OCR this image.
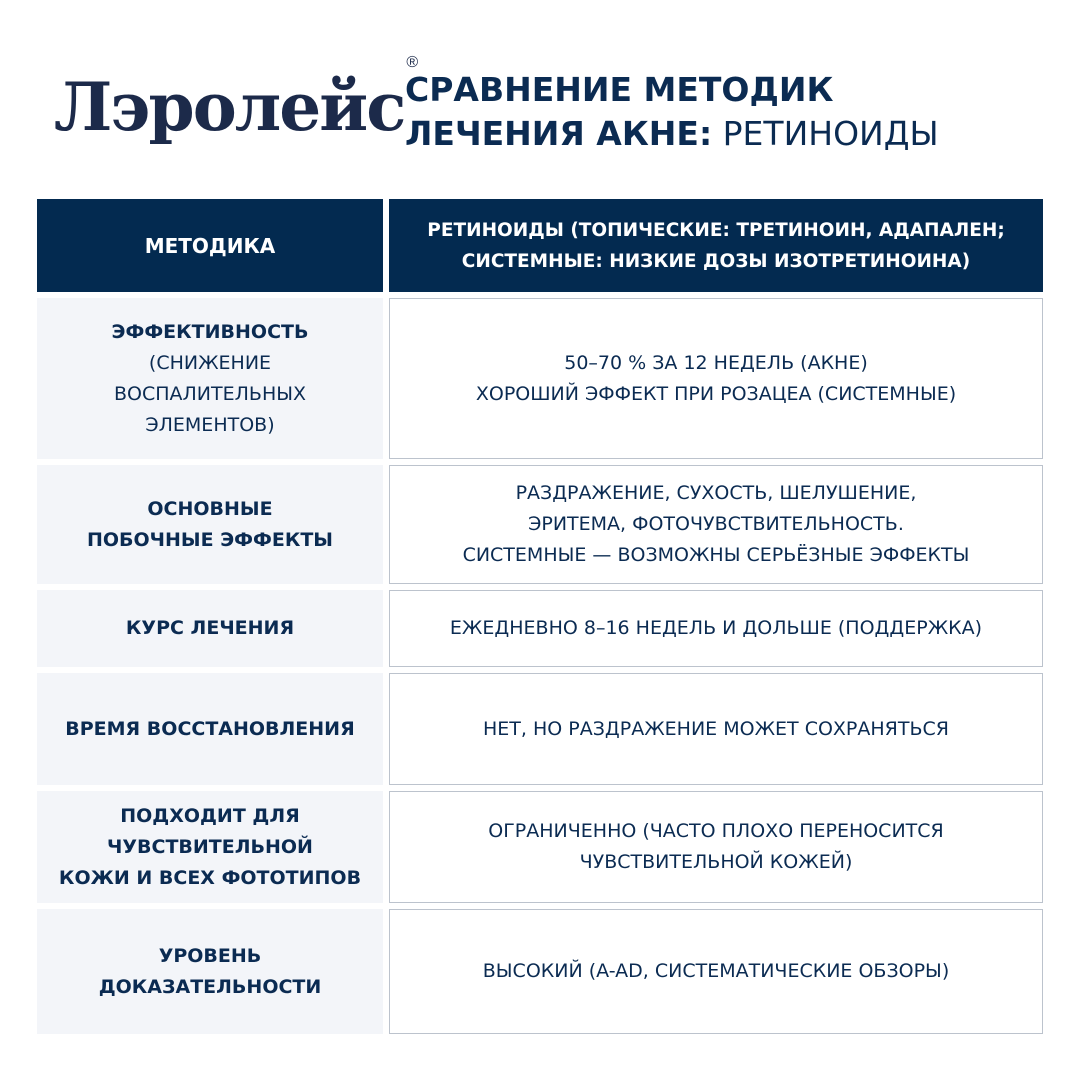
Лэролейс®
СРАВНЕНИЕ МЕТОДИК
ЛЕЧЕНИЯ АКНЕ: РЕТИНОИДЫ
МЕТОДИКА
РЕТИНОИДЫ (ТОПИЧЕСКИЕ: ТРЕТИНОИН, АДАПАЛЕН;
СИСТЕМНЫЕ: НИЗКИЕ ДОЗЫ ИЗОТРЕТИНОИНА)
ЭФФЕКТИВНОСТЬ
(СНИЖЕНИЕ
ВОСПАЛИТЕЛЬНЫХ
ЭЛЕМЕНТОВ)
50–70 % ЗА 12 НЕДЕЛЬ (АКНЕ)
ХОРОШИЙ ЭФФЕКТ ПРИ РОЗАЦЕА (СИСТЕМНЫЕ)
ОСНОВНЫЕ
ПОБОЧНЫЕ ЭФФЕКТЫ
РАЗДРАЖЕНИЕ, СУХОСТЬ, ШЕЛУШЕНИЕ,
ЭРИТЕМА, ФОТОЧУВСТВИТЕЛЬНОСТЬ.
СИСТЕМНЫЕ — ВОЗМОЖНЫ СЕРЬЁЗНЫЕ ЭФФЕКТЫ
КУРС ЛЕЧЕНИЯ	ЕЖЕДНЕВНО 8–16 НЕДЕЛЬ И ДОЛЬШЕ (ПОДДЕРЖКА)
ВРЕМЯ ВОССТАНОВЛЕНИЯ	НЕТ, НО РАЗДРАЖЕНИЕ МОЖЕТ СОХРАНЯТЬСЯ
ПОДХОДИТ ДЛЯ
ЧУВСТВИТЕЛЬНОЙ
КОЖИ И ВСЕХ ФОТОТИПОВ
ОГРАНИЧЕННО (ЧАСТО ПЛОХО ПЕРЕНОСИТСЯ
ЧУВСТВИТЕЛЬНОЙ КОЖЕЙ)
УРОВЕНЬ
ДОКАЗАТЕЛЬНОСТИ
ВЫСОКИЙ (A-AD, СИСТЕМАТИЧЕСКИЕ ОБЗОРЫ)
